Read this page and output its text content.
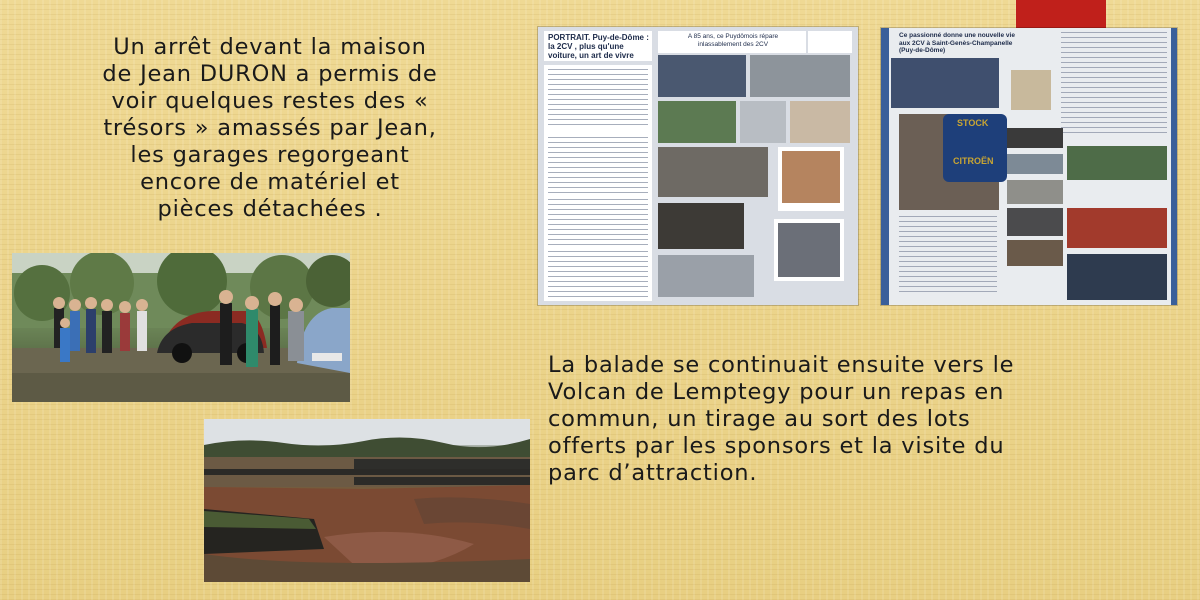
Un arrêt devant la maison
de Jean DURON a permis de
voir quelques restes des «
trésors » amassés par Jean,
les garages regorgeant
encore de matériel et
pièces détachées .
La balade se continuait ensuite vers le
Volcan de Lemptegy pour un repas en
commun, un tirage au sort des lots
offerts par les sponsors et la visite du
parc d’attraction.
PORTRAIT. Puy-de-Dôme :
la 2CV , plus qu'une
voiture, un art de vivre
A 85 ans, ce Puydômois répare
inlassablement des 2CV
Ce passionné donne une nouvelle vie
aux 2CV à Saint-Genès-Champanelle
(Puy-de-Dôme)
STOCK
CITROËN
